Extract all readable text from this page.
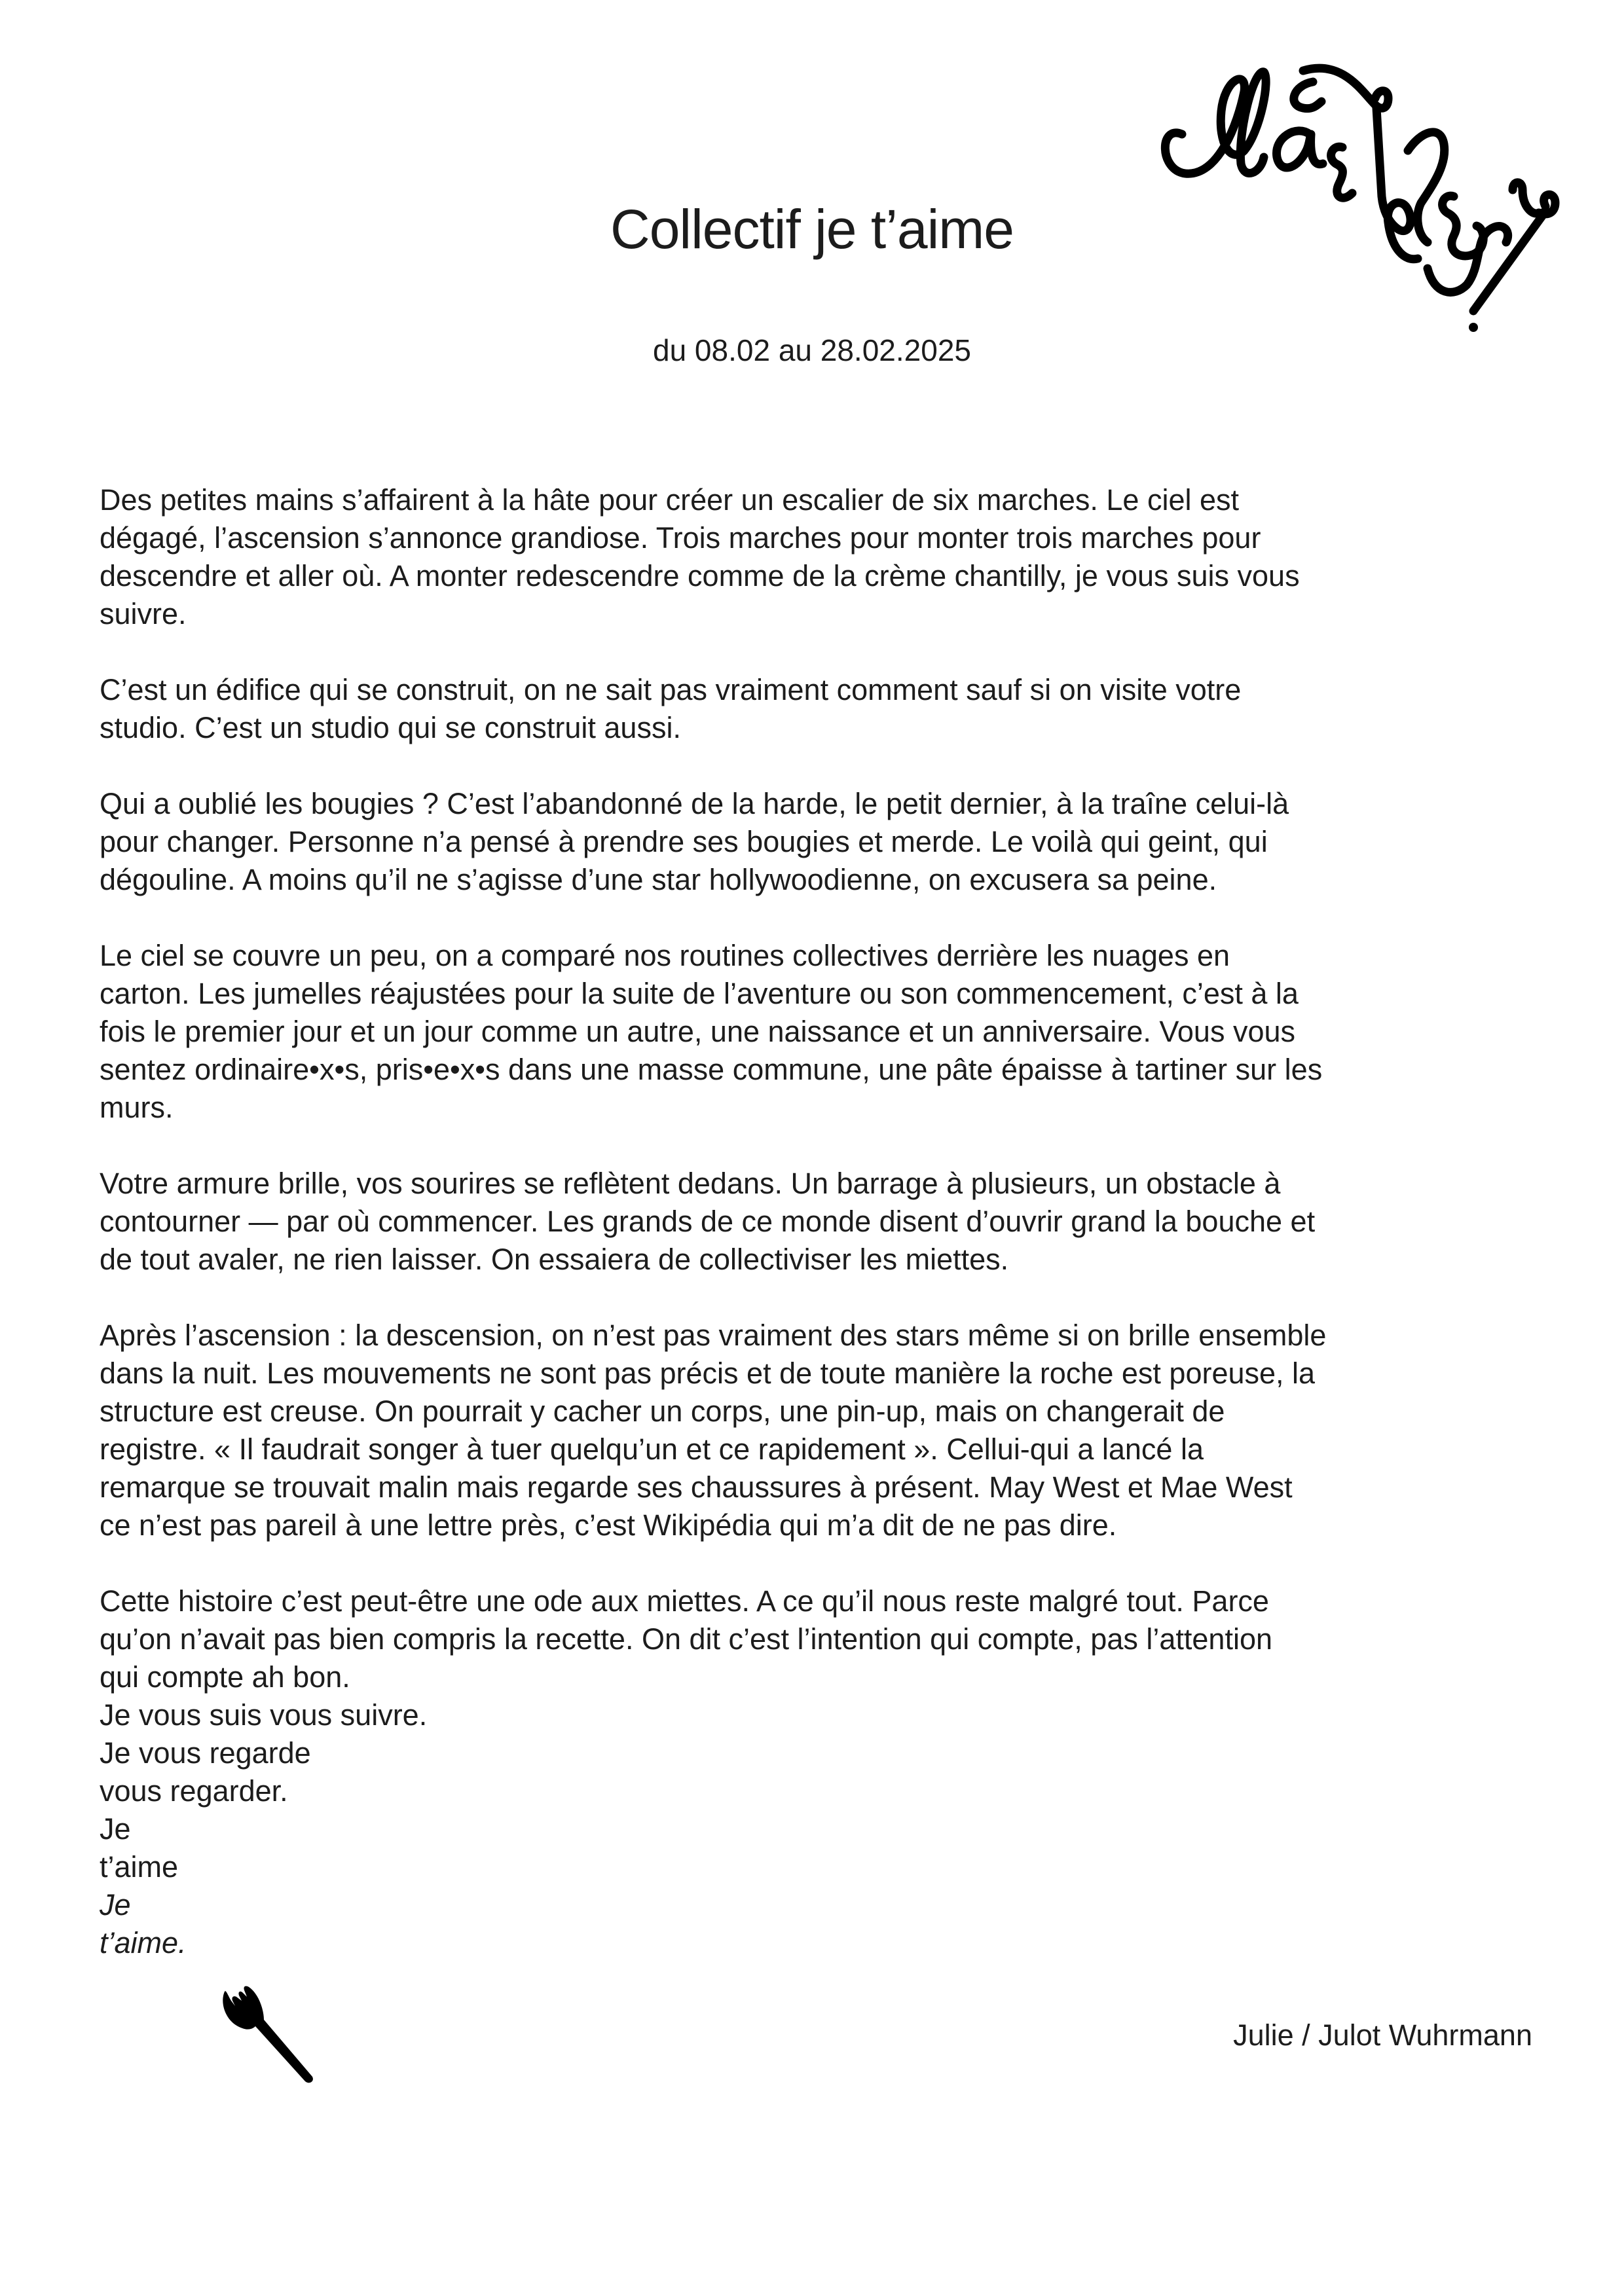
Collectif je t’aime
du 08.02 au 28.02.2025
Des petites mains s’affairent à la hâte pour créer un escalier de six marches. Le ciel est
dégagé, l’ascension s’annonce grandiose. Trois marches pour monter trois marches pour
descendre et aller où. A monter redescendre comme de la crème chantilly, je vous suis vous
suivre.
C’est un édifice qui se construit, on ne sait pas vraiment comment sauf si on visite votre
studio. C’est un studio qui se construit aussi.
Qui a oublié les bougies ? C’est l’abandonné de la harde, le petit dernier, à la traîne celui-là
pour changer. Personne n’a pensé à prendre ses bougies et merde. Le voilà qui geint, qui
dégouline. A moins qu’il ne s’agisse d’une star hollywoodienne, on excusera sa peine.
Le ciel se couvre un peu, on a comparé nos routines collectives derrière les nuages en
carton. Les jumelles réajustées pour la suite de l’aventure ou son commencement, c’est à la
fois le premier jour et un jour comme un autre, une naissance et un anniversaire. Vous vous
sentez ordinaire•x•s, pris•e•x•s dans une masse commune, une pâte épaisse à tartiner sur les
murs.
Votre armure brille, vos sourires se reflètent dedans. Un barrage à plusieurs, un obstacle à
contourner — par où commencer. Les grands de ce monde disent d’ouvrir grand la bouche et
de tout avaler, ne rien laisser. On essaiera de collectiviser les miettes.
Après l’ascension : la descension, on n’est pas vraiment des stars même si on brille ensemble
dans la nuit. Les mouvements ne sont pas précis et de toute manière la roche est poreuse, la
structure est creuse. On pourrait y cacher un corps, une pin-up, mais on changerait de
registre. « Il faudrait songer à tuer quelqu’un et ce rapidement ». Cellui-qui a lancé la
remarque se trouvait malin mais regarde ses chaussures à présent. May West et Mae West
ce n’est pas pareil à une lettre près, c’est Wikipédia qui m’a dit de ne pas dire.
Cette histoire c’est peut-être une ode aux miettes. A ce qu’il nous reste malgré tout. Parce
qu’on n’avait pas bien compris la recette. On dit c’est l’intention qui compte, pas l’attention
qui compte ah bon.
Je vous suis vous suivre.
Je vous regarde
vous regarder.
Je
t’aime
Je
t’aime.
Julie / Julot Wuhrmann
